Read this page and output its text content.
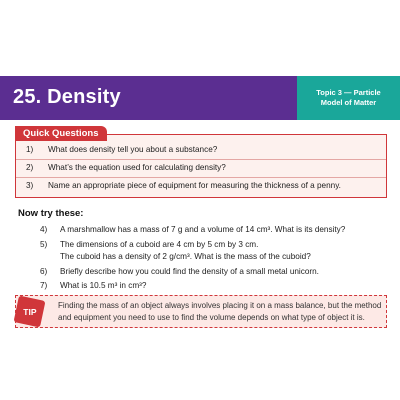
25. Density	Topic 3 — Particle
Model of Matter
Quick Questions
1)	What does density tell you about a substance?
2)	What’s the equation used for calculating density?
3)	Name an appropriate piece of equipment for measuring the thickness of a penny.
Now try these:
4) A marshmallow has a mass of 7 g and a volume of 14 cm³. What is its density?
5) The dimensions of a cuboid are 4 cm by 5 cm by 3 cm.
The cuboid has a density of 2 g/cm³. What is the mass of the cuboid?
6) Briefly describe how you could find the density of a small metal unicorn.
7) What is 10.5 m³ in cm³?
TIP
Finding the mass of an object always involves placing it on a mass balance, but the method
and equipment you need to use to find the volume depends on what type of object it is.
